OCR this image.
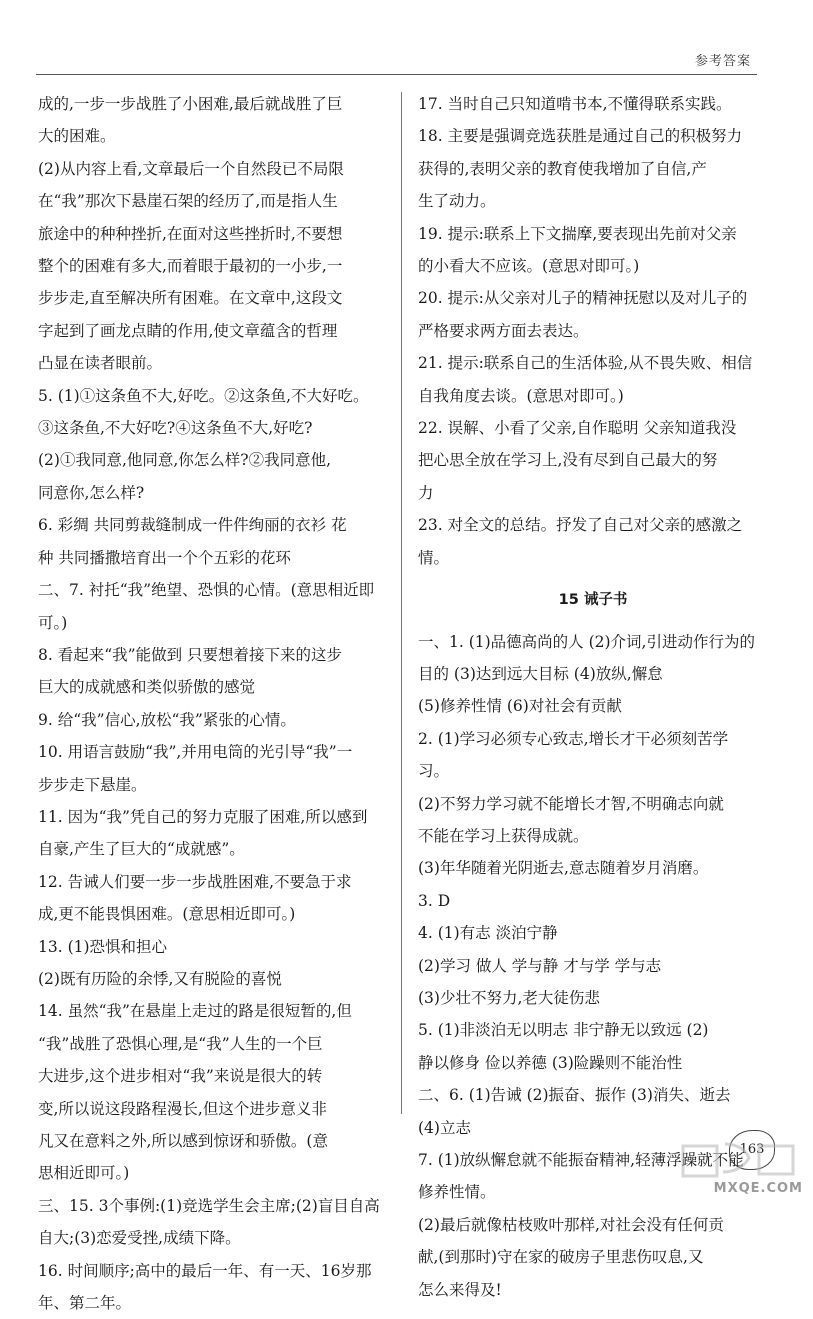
参考答案
成的,一步一步战胜了小困难,最后就战胜了巨
大的困难。
(2)从内容上看,文章最后一个自然段已不局限
在“我”那次下悬崖石架的经历了,而是指人生
旅途中的种种挫折,在面对这些挫折时,不要想
整个的困难有多大,而着眼于最初的一小步,一
步步走,直至解决所有困难。在文章中,这段文
字起到了画龙点睛的作用,使文章蕴含的哲理
凸显在读者眼前。
5. (1)①这条鱼不大,好吃。②这条鱼,不大好吃。
③这条鱼,不大好吃?④这条鱼不大,好吃?
(2)①我同意,他同意,你怎么样?②我同意他,
同意你,怎么样?
6. 彩绸 共同剪裁缝制成一件件绚丽的衣衫 花
种 共同播撒培育出一个个五彩的花环
二、7. 衬托“我”绝望、恐惧的心情。(意思相近即
可。)
8. 看起来“我”能做到 只要想着接下来的这步
巨大的成就感和类似骄傲的感觉
9. 给“我”信心,放松“我”紧张的心情。
10. 用语言鼓励“我”,并用电筒的光引导“我”一
步步走下悬崖。
11. 因为“我”凭自己的努力克服了困难,所以感到
自豪,产生了巨大的“成就感”。
12. 告诫人们要一步一步战胜困难,不要急于求
成,更不能畏惧困难。(意思相近即可。)
13. (1)恐惧和担心
(2)既有历险的余悸,又有脱险的喜悦
14. 虽然“我”在悬崖上走过的路是很短暂的,但
“我”战胜了恐惧心理,是“我”人生的一个巨
大进步,这个进步相对“我”来说是很大的转
变,所以说这段路程漫长,但这个进步意义非
凡又在意料之外,所以感到惊讶和骄傲。(意
思相近即可。)
三、15. 3个事例:(1)竞选学生会主席;(2)盲目自高
自大;(3)恋爱受挫,成绩下降。
16. 时间顺序;高中的最后一年、有一天、16岁那
年、第二年。
17. 当时自己只知道啃书本,不懂得联系实践。
18. 主要是强调竞选获胜是通过自己的积极努力
获得的,表明父亲的教育使我增加了自信,产
生了动力。
19. 提示:联系上下文揣摩,要表现出先前对父亲
的小看大不应该。(意思对即可。)
20. 提示:从父亲对儿子的精神抚慰以及对儿子的
严格要求两方面去表达。
21. 提示:联系自己的生活体验,从不畏失败、相信
自我角度去谈。(意思对即可。)
22. 误解、小看了父亲,自作聪明 父亲知道我没
把心思全放在学习上,没有尽到自己最大的努
力
23. 对全文的总结。抒发了自己对父亲的感激之
情。
15 诫子书
一、1. (1)品德高尚的人 (2)介词,引进动作行为的
目的 (3)达到远大目标 (4)放纵,懈怠
(5)修养性情 (6)对社会有贡献
2. (1)学习必须专心致志,增长才干必须刻苦学
习。
(2)不努力学习就不能增长才智,不明确志向就
不能在学习上获得成就。
(3)年华随着光阴逝去,意志随着岁月消磨。
3. D
4. (1)有志 淡泊宁静
(2)学习 做人 学与静 才与学 学与志
(3)少壮不努力,老大徒伤悲
5. (1)非淡泊无以明志 非宁静无以致远 (2)
静以修身 俭以养德 (3)险躁则不能治性
二、6. (1)告诫 (2)振奋、振作 (3)消失、逝去
(4)立志
7. (1)放纵懈怠就不能振奋精神,轻薄浮躁就不能
修养性情。
(2)最后就像枯枝败叶那样,对社会没有任何贡
献,(到那时)守在家的破房子里悲伤叹息,又
怎么来得及!
163
MXQE.COM
